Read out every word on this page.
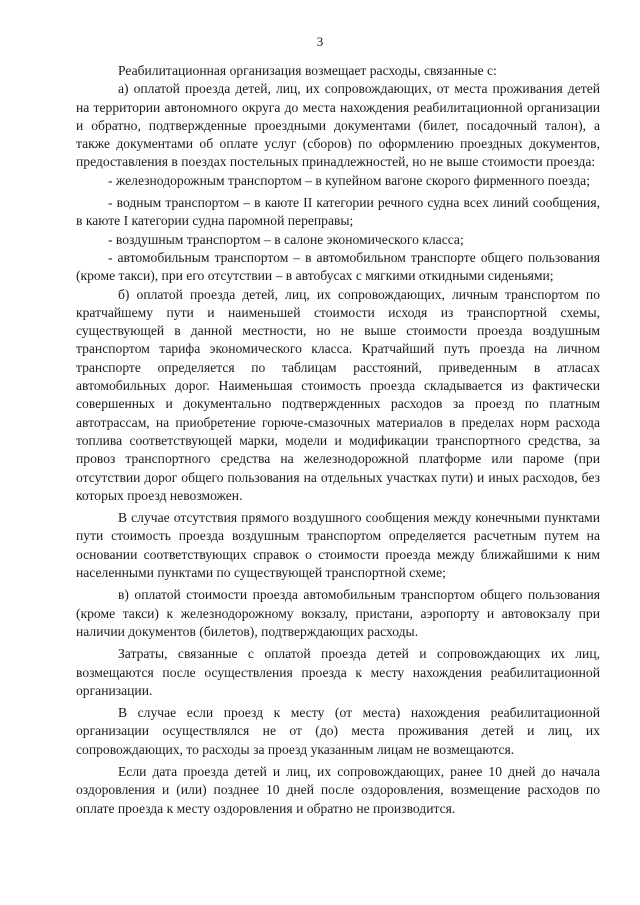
3

Реабилитационная организация возмещает расходы, связанные с:

а) оплатой проезда детей, лиц, их сопровождающих, от места проживания детей на территории автономного округа до места нахождения реабилитационной организации и обратно, подтвержденные проездными документами (билет, посадочный талон), а также документами об оплате услуг (сборов) по оформлению проездных документов, предоставления в поездах постельных принадлежностей, но не выше стоимости проезда:

- железнодорожным транспортом – в купейном вагоне скорого фирменного поезда;

- водным транспортом – в каюте II категории речного судна всех линий сообщения, в каюте I категории судна паромной переправы;

- воздушным транспортом – в салоне экономического класса;

- автомобильным транспортом – в автомобильном транспорте общего пользования (кроме такси), при его отсутствии – в автобусах с мягкими откидными сиденьями;

б) оплатой проезда детей, лиц, их сопровождающих, личным транспортом по кратчайшему пути и наименьшей стоимости исходя из транспортной схемы, существующей в данной местности, но не выше стоимости проезда воздушным транспортом тарифа экономического класса. Кратчайший путь проезда на личном транспорте определяется по таблицам расстояний, приведенным в атласах автомобильных дорог. Наименьшая стоимость проезда складывается из фактически совершенных и документально подтвержденных расходов за проезд по платным автотрассам, на приобретение горюче-смазочных материалов в пределах норм расхода топлива соответствующей марки, модели и модификации транспортного средства, за провоз транспортного средства на железнодорожной платформе или пароме (при отсутствии дорог общего пользования на отдельных участках пути) и иных расходов, без которых проезд невозможен.

В случае отсутствия прямого воздушного сообщения между конечными пунктами пути стоимость проезда воздушным транспортом определяется расчетным путем на основании соответствующих справок о стоимости проезда между ближайшими к ним населенными пунктами по существующей транспортной схеме;

в) оплатой стоимости проезда автомобильным транспортом общего пользования (кроме такси) к железнодорожному вокзалу, пристани, аэропорту и автовокзалу при наличии документов (билетов), подтверждающих расходы.

Затраты, связанные с оплатой проезда детей и сопровождающих их лиц, возмещаются после осуществления проезда к месту нахождения реабилитационной организации.

В случае если проезд к месту (от места) нахождения реабилитационной организации осуществлялся не от (до) места проживания детей и лиц, их сопровождающих, то расходы за проезд указанным лицам не возмещаются.

Если дата проезда детей и лиц, их сопровождающих, ранее 10 дней до начала оздоровления и (или) позднее 10 дней после оздоровления, возмещение расходов по оплате проезда к месту оздоровления и обратно не производится.
